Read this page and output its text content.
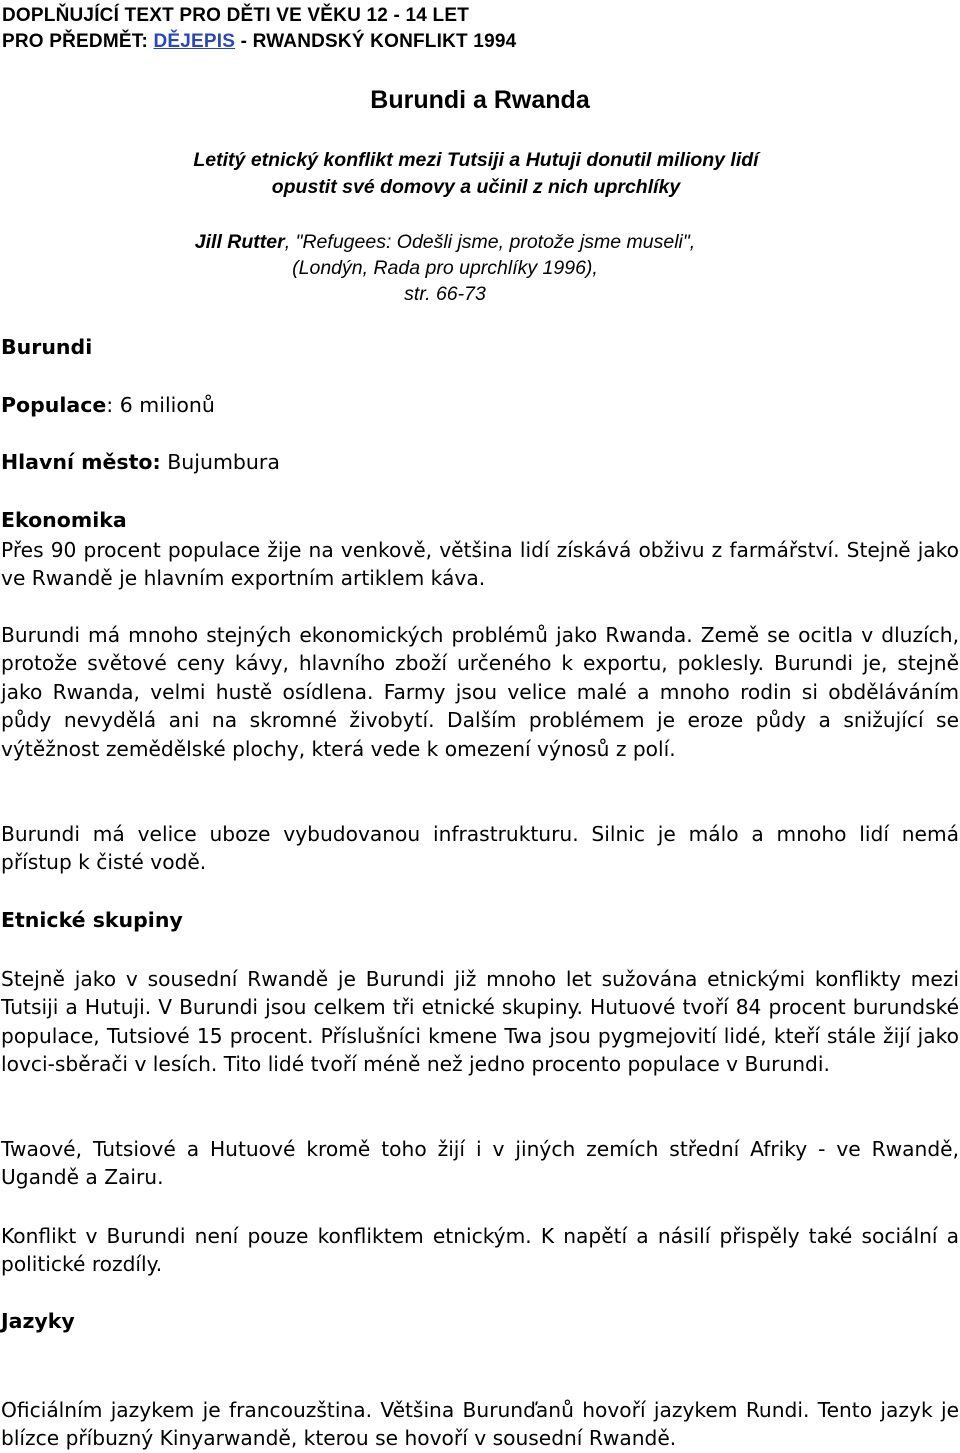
DOPLŇUJÍCÍ TEXT PRO DĚTI VE VĚKU 12 - 14 LET

PRO PŘEDMĚT: DĚJEPIS - RWANDSKÝ KONFLIKT 1994

Burundi a Rwanda
Letitý etnický konflikt mezi Tutsiji a Hutuji donutil miliony lidí
opustit své domovy a učinil z nich uprchlíky

Jill Rutter, "Refugees: Odešli jsme, protože jsme museli",

(Londýn, Rada pro uprchlíky 1996),

str. 66-73

Burundi

Populace: 6 milionů

Hlavní město: Bujumbura

Ekonomika

Přes 90 procent populace žije na venkově, většina lidí získává obživu z farmářství. Stejně jako ve Rwandě je hlavním exportním artiklem káva.

Burundi má mnoho stejných ekonomických problémů jako Rwanda. Země se ocitla v dluzích, protože světové ceny kávy, hlavního zboží určeného k exportu, poklesly. Burundi je, stejně jako Rwanda, velmi hustě osídlena. Farmy jsou velice malé a mnoho rodin si obděláváním půdy nevydělá ani na skromné živobytí. Dalším problémem je eroze půdy a snižující se výtěžnost zemědělské plochy, která vede k omezení výnosů z polí.

Burundi má velice uboze vybudovanou infrastrukturu. Silnic je málo a mnoho lidí nemá přístup k čisté vodě.

Etnické skupiny

Stejně jako v sousední Rwandě je Burundi již mnoho let sužována etnickými konflikty mezi Tutsiji a Hutuji. V Burundi jsou celkem tři etnické skupiny. Hutuové tvoří 84 procent burundské populace, Tutsiové 15 procent. Příslušníci kmene Twa jsou pygmejovití lidé, kteří stále žijí jako lovci-sběrači v lesích. Tito lidé tvoří méně než jedno procento populace v Burundi.

Twaové, Tutsiové a Hutuové kromě toho žijí i v jiných zemích střední Afriky - ve Rwandě, Ugandě a Zairu.

Konflikt v Burundi není pouze konfliktem etnickým. K napětí a násilí přispěly také sociální a politické rozdíly.

Jazyky

Oficiálním jazykem je francouzština. Většina Burunďanů hovoří jazykem Rundi. Tento jazyk je blízce příbuzný Kinyarwandě, kterou se hovoří v sousední Rwandě.
